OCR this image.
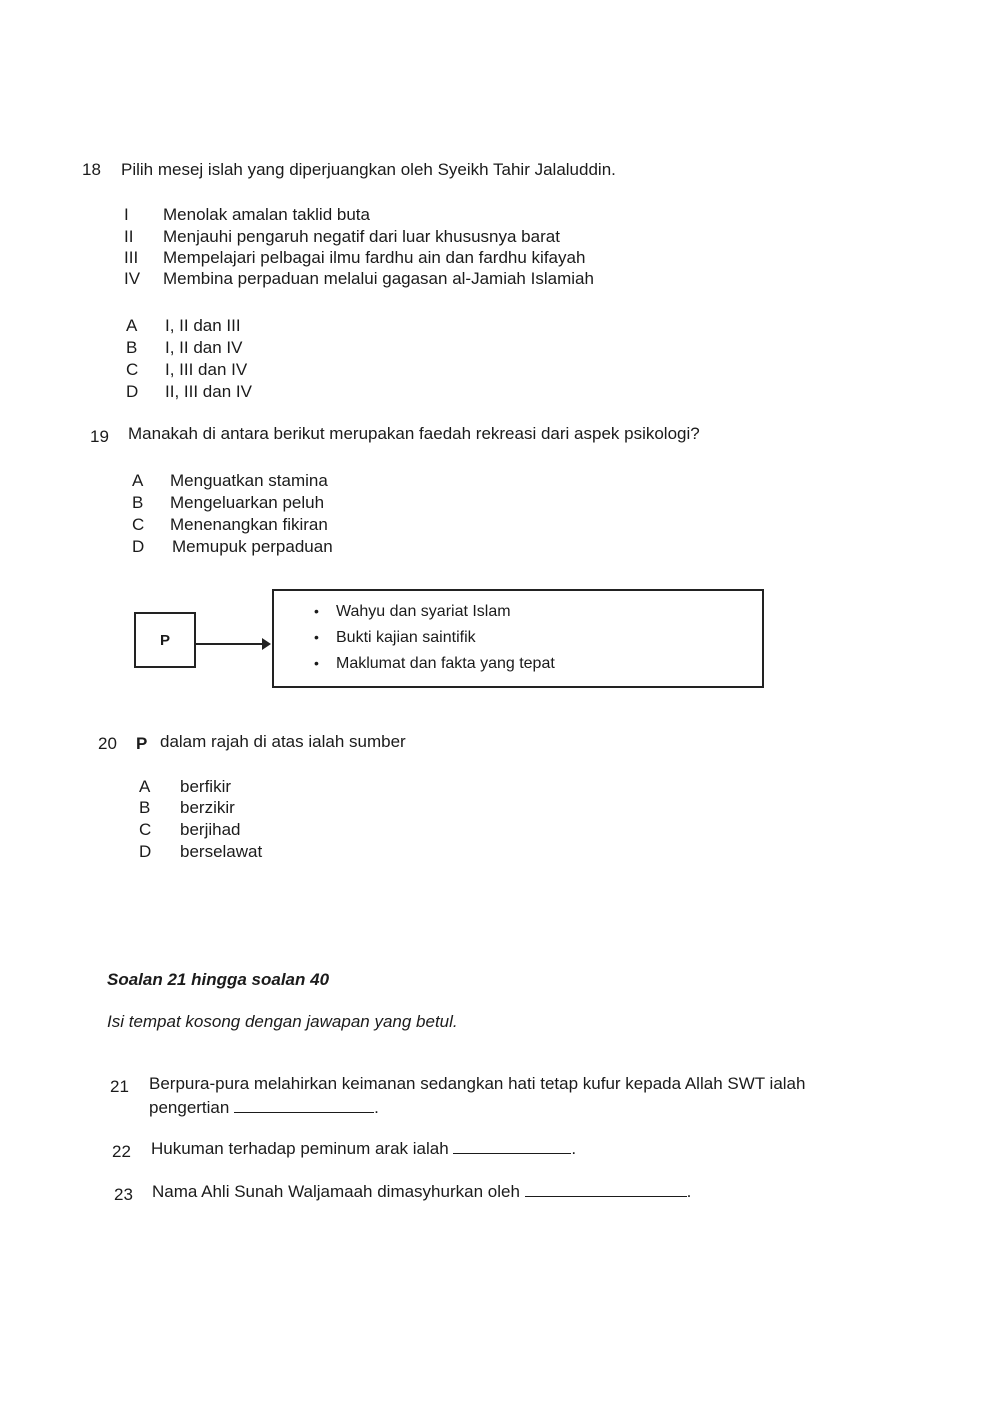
18 Pilih mesej islah yang diperjuangkan oleh Syeikh Tahir Jalaluddin.
I	Menolak amalan taklid buta
II	Menjauhi pengaruh negatif dari luar khususnya barat
III	Mempelajari pelbagai ilmu fardhu ain dan fardhu kifayah
IV	Membina perpaduan melalui gagasan al-Jamiah Islamiah
A	I, II dan III
B	I, II dan IV
C	I, III dan IV
D	II, III dan IV
19 Manakah di antara berikut merupakan faedah rekreasi dari aspek psikologi?
A	Menguatkan stamina
B	Mengeluarkan peluh
C	Menenangkan fikiran
D	Memupuk perpaduan
P
• Wahyu dan syariat Islam
• Bukti kajian saintifik
• Maklumat dan fakta yang tepat
20 P dalam rajah di atas ialah sumber
A	berfikir
B	berzikir
C	berjihad
D	berselawat
Soalan 21 hingga soalan 40
Isi tempat kosong dengan jawapan yang betul.
21 Berpura-pura melahirkan keimanan sedangkan hati tetap kufur kepada Allah SWT ialah
pengertian	.
22 Hukuman terhadap peminum arak ialah	.
23 Nama Ahli Sunah Waljamaah dimasyhurkan oleh	.
